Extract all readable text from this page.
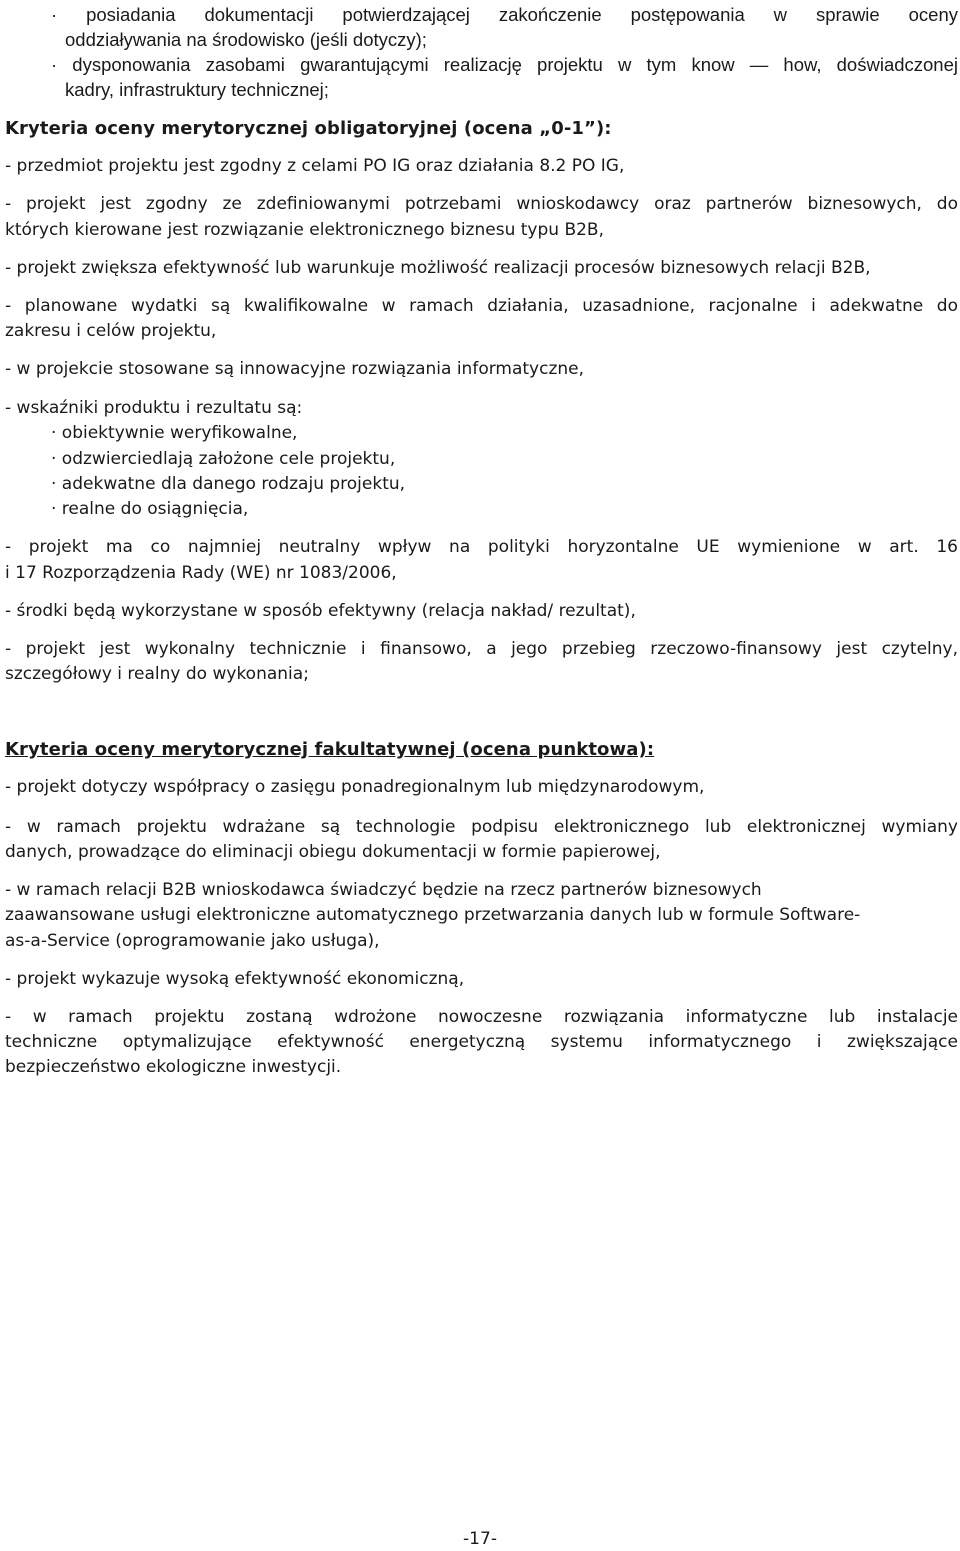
· posiadania dokumentacji potwierdzającej zakończenie postępowania w sprawie oceny
oddziaływania na środowisko (jeśli dotyczy);
· dysponowania zasobami gwarantującymi realizację projektu w tym know — how, doświadczonej
kadry, infrastruktury technicznej;
Kryteria oceny merytorycznej obligatoryjnej (ocena „0-1”):
- przedmiot projektu jest zgodny z celami PO IG oraz działania 8.2 PO IG,
- projekt jest zgodny ze zdefiniowanymi potrzebami wnioskodawcy oraz partnerów biznesowych, do
których kierowane jest rozwiązanie elektronicznego biznesu typu B2B,
- projekt zwiększa efektywność lub warunkuje możliwość realizacji procesów biznesowych relacji B2B,
- planowane wydatki są kwalifikowalne w ramach działania, uzasadnione, racjonalne i adekwatne do
zakresu i celów projektu,
- w projekcie stosowane są innowacyjne rozwiązania informatyczne,
- wskaźniki produktu i rezultatu są:
· obiektywnie weryfikowalne,
· odzwierciedlają założone cele projektu,
· adekwatne dla danego rodzaju projektu,
· realne do osiągnięcia,
- projekt ma co najmniej neutralny wpływ na polityki horyzontalne UE wymienione w art. 16
i 17 Rozporządzenia Rady (WE) nr 1083/2006,
- środki będą wykorzystane w sposób efektywny (relacja nakład/ rezultat),
- projekt jest wykonalny technicznie i finansowo, a jego przebieg rzeczowo-finansowy jest czytelny,
szczegółowy i realny do wykonania;
Kryteria oceny merytorycznej fakultatywnej (ocena punktowa):
- projekt dotyczy współpracy o zasięgu ponadregionalnym lub międzynarodowym,
- w ramach projektu wdrażane są technologie podpisu elektronicznego lub elektronicznej wymiany
danych, prowadzące do eliminacji obiegu dokumentacji w formie papierowej,
- w ramach relacji B2B wnioskodawca świadczyć będzie na rzecz partnerów biznesowych
zaawansowane usługi elektroniczne automatycznego przetwarzania danych lub w formule Software-
as-a-Service (oprogramowanie jako usługa),
- projekt wykazuje wysoką efektywność ekonomiczną,
- w ramach projektu zostaną wdrożone nowoczesne rozwiązania informatyczne lub instalacje
techniczne optymalizujące efektywność energetyczną systemu informatycznego i zwiększające
bezpieczeństwo ekologiczne inwestycji.
-17-
